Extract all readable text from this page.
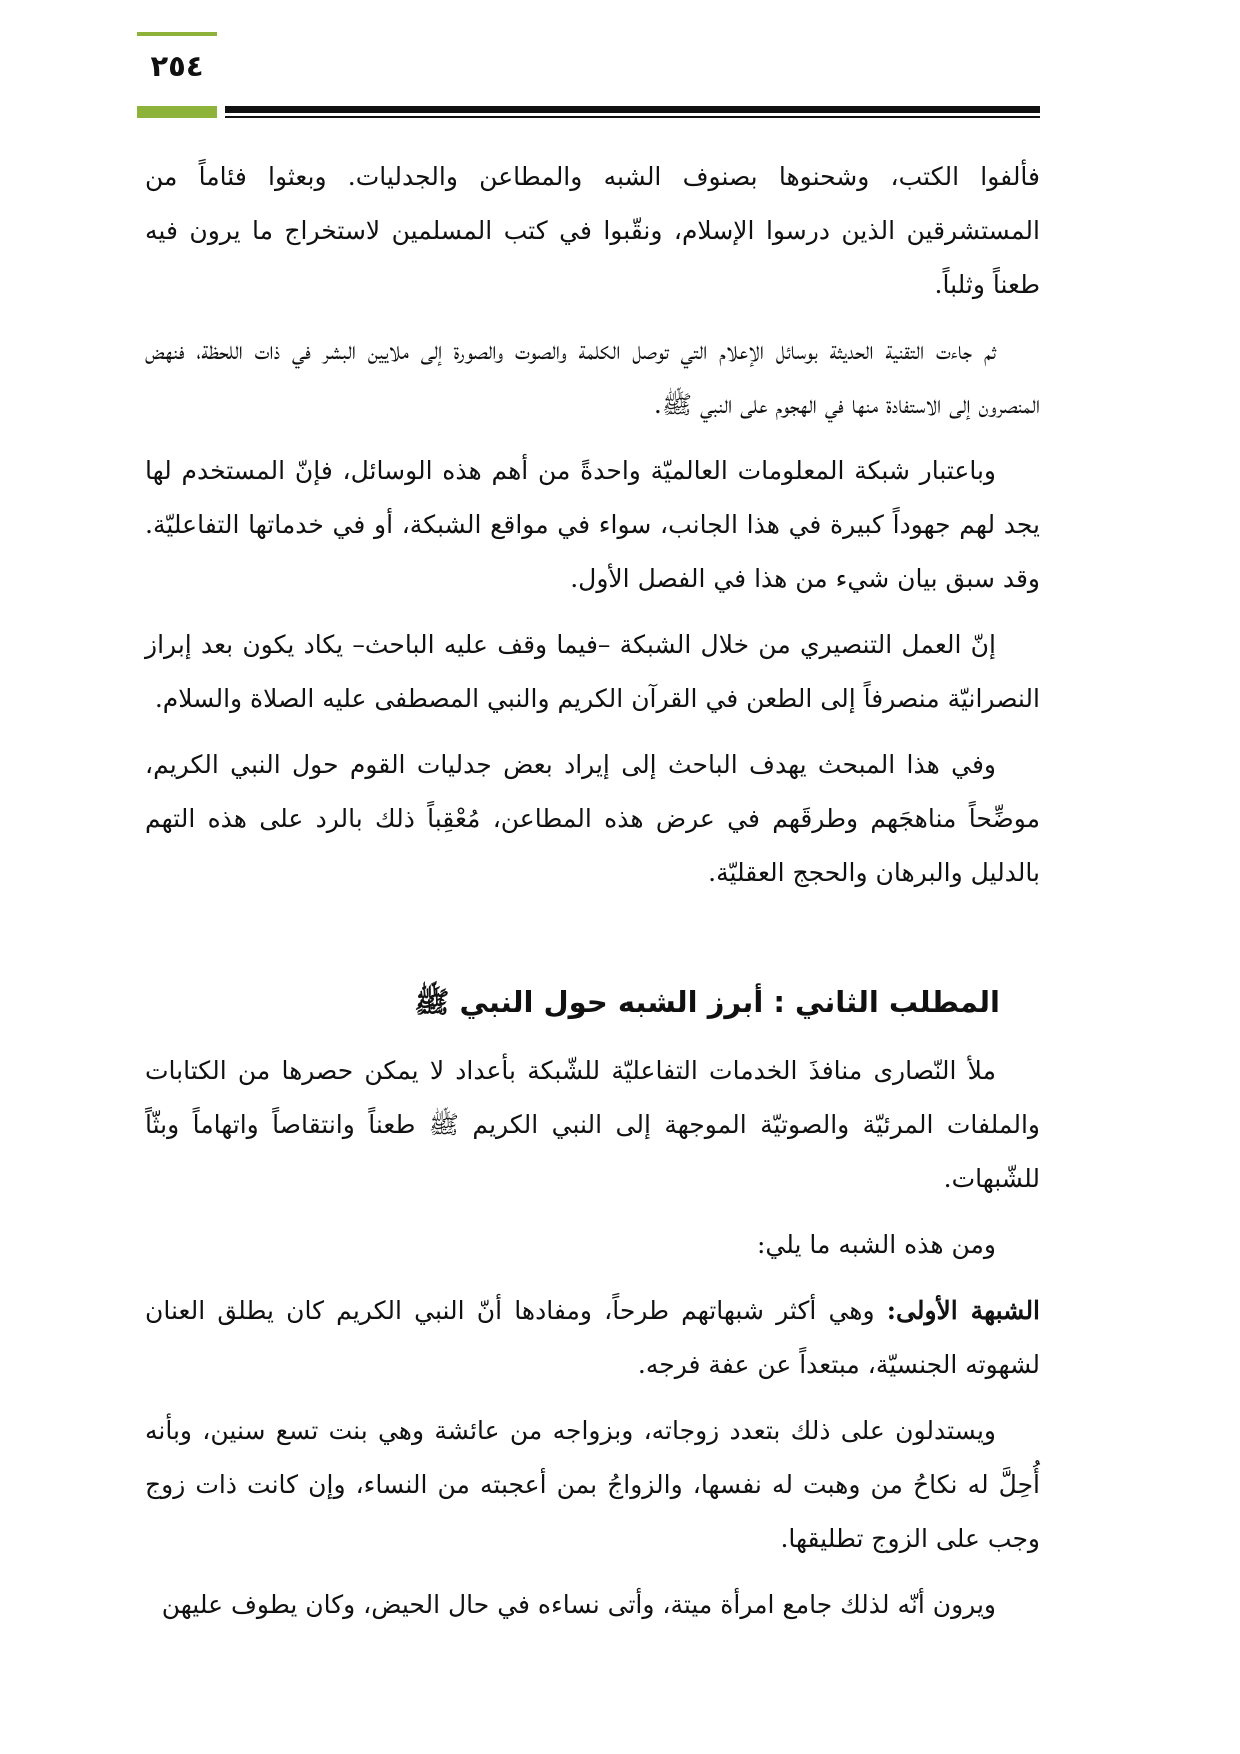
٢٥٤

فألفوا الكتب، وشحنوها بصنوف الشبه والمطاعن والجدليات. وبعثوا فئاماً من المستشرقين الذين درسوا الإسلام، ونقّبوا في كتب المسلمين لاستخراج ما يرون فيه طعناً وثلباً.

ثم جاءت التقنية الحديثة بوسائل الإعلام التي توصل الكلمة والصوت والصورة إلى ملايين البشر في ذات اللحظة، فنهض المنصرون إلى الاستفادة منها في الهجوم على النبي ﷺ.

وباعتبار شبكة المعلومات العالميّة واحدةً من أهم هذه الوسائل، فإنّ المستخدم لها يجد لهم جهوداً كبيرة في هذا الجانب، سواء في مواقع الشبكة، أو في خدماتها التفاعليّة. وقد سبق بيان شيء من هذا في الفصل الأول.

إنّ العمل التنصيري من خلال الشبكة –فيما وقف عليه الباحث– يكاد يكون بعد إبراز النصرانيّة منصرفاً إلى الطعن في القرآن الكريم والنبي المصطفى عليه الصلاة والسلام.

وفي هذا المبحث يهدف الباحث إلى إيراد بعض جدليات القوم حول النبي الكريم، موضِّحاً مناهجَهم وطرقَهم في عرض هذه المطاعن، مُعْقِباً ذلك بالرد على هذه التهم بالدليل والبرهان والحجج العقليّة.

المطلب الثاني : أبرز الشبه حول النبي ﷺ

ملأ النّصارى منافذَ الخدمات التفاعليّة للشّبكة بأعداد لا يمكن حصرها من الكتابات والملفات المرئيّة والصوتيّة الموجهة إلى النبي الكريم ﷺ طعناً وانتقاصاً واتهاماً وبثّاً للشّبهات.

ومن هذه الشبه ما يلي:

الشبهة الأولى: وهي أكثر شبهاتهم طرحاً، ومفادها أنّ النبي الكريم كان يطلق العنان لشهوته الجنسيّة، مبتعداً عن عفة فرجه.

ويستدلون على ذلك بتعدد زوجاته، وبزواجه من عائشة وهي بنت تسع سنين، وبأنه أُحِلَّ له نكاحُ من وهبت له نفسها، والزواجُ بمن أعجبته من النساء، وإن كانت ذات زوج وجب على الزوج تطليقها.

ويرون أنّه لذلك جامع امرأة ميتة، وأتى نساءه في حال الحيض، وكان يطوف عليهن
